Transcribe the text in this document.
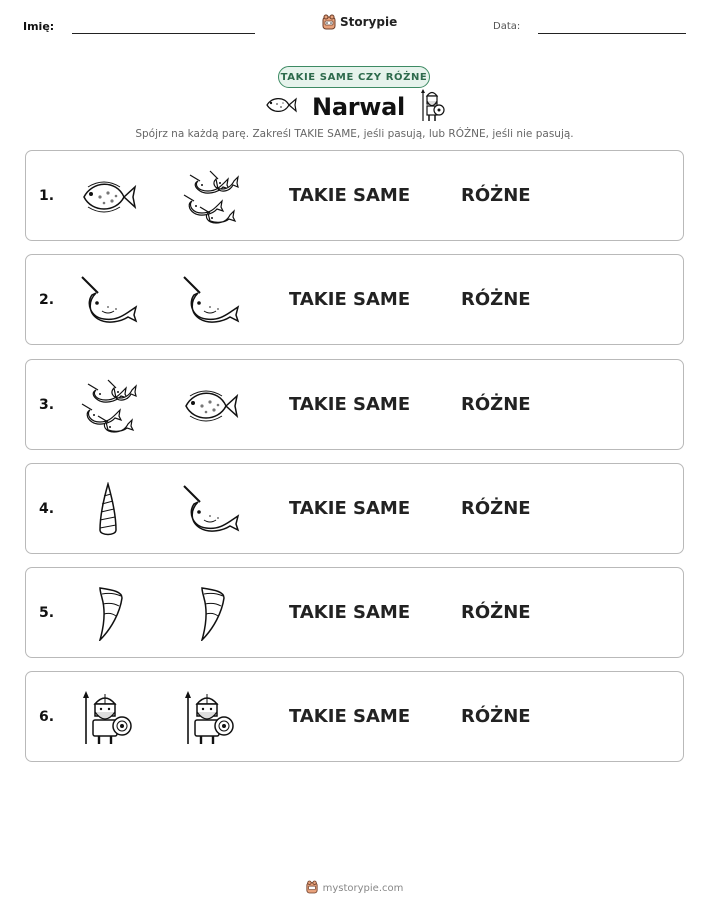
Imię:	Storypie	Data:
TAKIE SAME CZY RÓŻNE
Narwal
Spójrz na każdą parę. Zakreśl TAKIE SAME, jeśli pasują, lub RÓŻNE, jeśli nie pasują.
1.	TAKIE SAME	RÓŻNE
2.	TAKIE SAME	RÓŻNE
3.	TAKIE SAME	RÓŻNE
4.	TAKIE SAME	RÓŻNE
5.	TAKIE SAME	RÓŻNE
6.	TAKIE SAME	RÓŻNE
mystorypie.com
